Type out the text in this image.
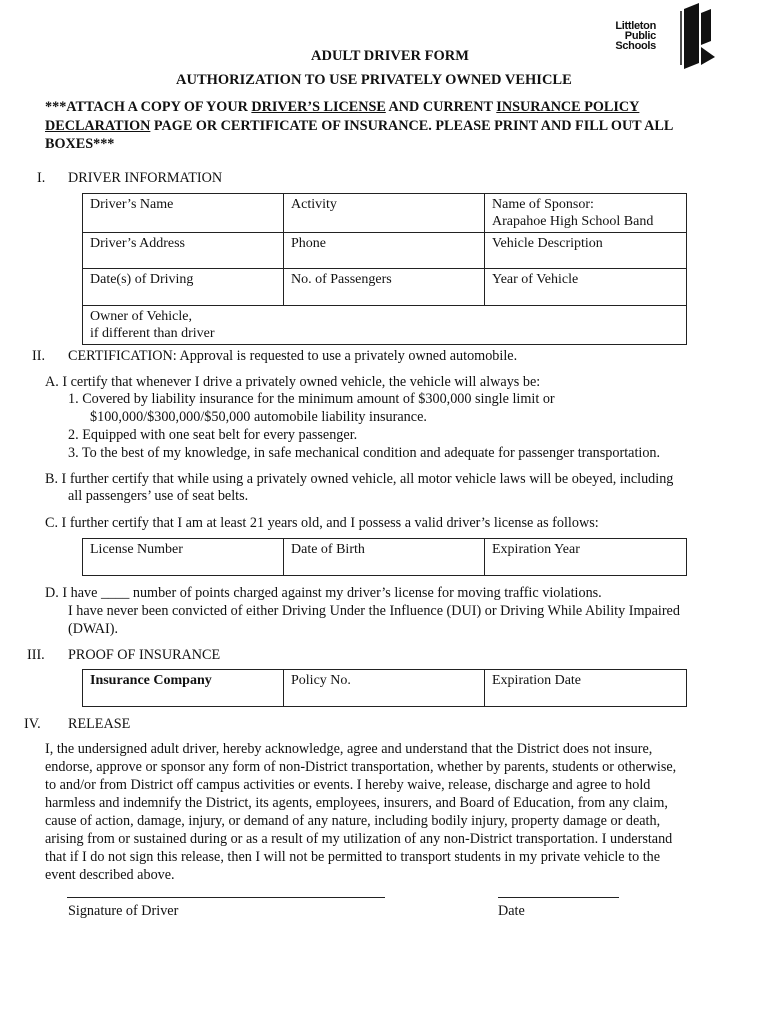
Littleton
Public
Schools
ADULT DRIVER FORM
AUTHORIZATION TO USE PRIVATELY OWNED VEHICLE
***ATTACH A COPY OF YOUR DRIVER’S LICENSE AND CURRENT INSURANCE POLICY
DECLARATION PAGE OR CERTIFICATE OF INSURANCE. PLEASE PRINT AND FILL OUT ALL
BOXES***
I. DRIVER INFORMATION
Driver’s Name	Activity	Name of Sponsor:
Arapahoe High School Band

Driver’s Address	Phone	Vehicle Description
Date(s) of Driving	No. of Passengers	Year of Vehicle

Owner of Vehicle,
if different than driver		
II. CERTIFICATION: Approval is requested to use a privately owned automobile.
A. I certify that whenever I drive a privately owned vehicle, the vehicle will always be:
1. Covered by liability insurance for the minimum amount of $300,000 single limit or
$100,000/$300,000/$50,000 automobile liability insurance.
2. Equipped with one seat belt for every passenger.
3. To the best of my knowledge, in safe mechanical condition and adequate for passenger transportation.
B. I further certify that while using a privately owned vehicle, all motor vehicle laws will be obeyed, including
all passengers’ use of seat belts.
C. I further certify that I am at least 21 years old, and I possess a valid driver’s license as follows:
License Number	Date of Birth	Expiration Year
D. I have ____ number of points charged against my driver’s license for moving traffic violations.
I have never been convicted of either Driving Under the Influence (DUI) or Driving While Ability Impaired
(DWAI).
III. PROOF OF INSURANCE
Insurance Company	Policy No.	Expiration Date
IV. RELEASE
I, the undersigned adult driver, hereby acknowledge, agree and understand that the District does not insure,
endorse, approve or sponsor any form of non-District transportation, whether by parents, students or otherwise,
to and/or from District off campus activities or events. I hereby waive, release, discharge and agree to hold
harmless and indemnify the District, its agents, employees, insurers, and Board of Education, from any claim,
cause of action, damage, injury, or demand of any nature, including bodily injury, property damage or death,
arising from or sustained during or as a result of my utilization of any non-District transportation. I understand
that if I do not sign this release, then I will not be permitted to transport students in my private vehicle to the
event described above.
Signature of Driver	Date
